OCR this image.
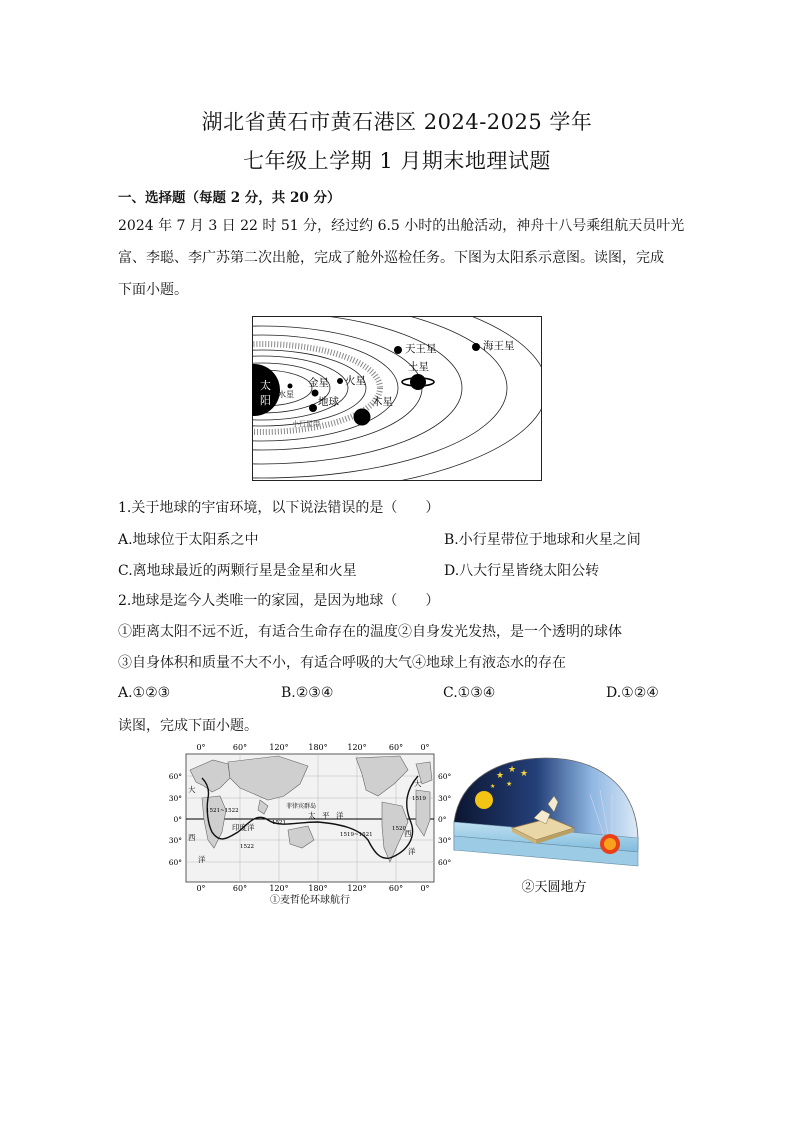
湖北省黄石市黄石港区 2024-2025 学年
七年级上学期 1 月期末地理试题
一、选择题（每题 2 分，共 20 分）
2024 年 7 月 3 日 22 时 51 分，经过约 6.5 小时的出舱活动，神舟十八号乘组航天员叶光
富、李聪、李广苏第二次出舱，完成了舱外巡检任务。下图为太阳系示意图。读图，完成
下面小题。
太
阳 水星
金星
地球
火星
木星
小行星带
土星
天王星	海王星
1.关于地球的宇宙环境，以下说法错误的是（　　）
A.地球位于太阳系之中	B.小行星带位于地球和火星之间
C.离地球最近的两颗行星是金星和火星	D.八大行星皆绕太阳公转
2.地球是迄今人类唯一的家园，是因为地球（　　）
①距离太阳不远不近，有适合生命存在的温度②自身发光发热，是一个透明的球体
③自身体积和质量不大不小，有适合呼吸的大气④地球上有液态水的存在
A.①②③	B.②③④	C.①③④	D.①②④
读图，完成下面小题。
0°	60°	120° 180° 120°	60° 0°
菲律宾群岛
印度洋
太 平 洋
大
西
洋
大
西
洋
1519
1520
1521
1522
1519~1521
1521~1522
60°
30°
0°
30°
60°
60°
30°
0°
30°
60°
0°	60°	120° 180° 120°	60° 0°
①麦哲伦环球航行
★
★ ★
★
★
②天圆地方
